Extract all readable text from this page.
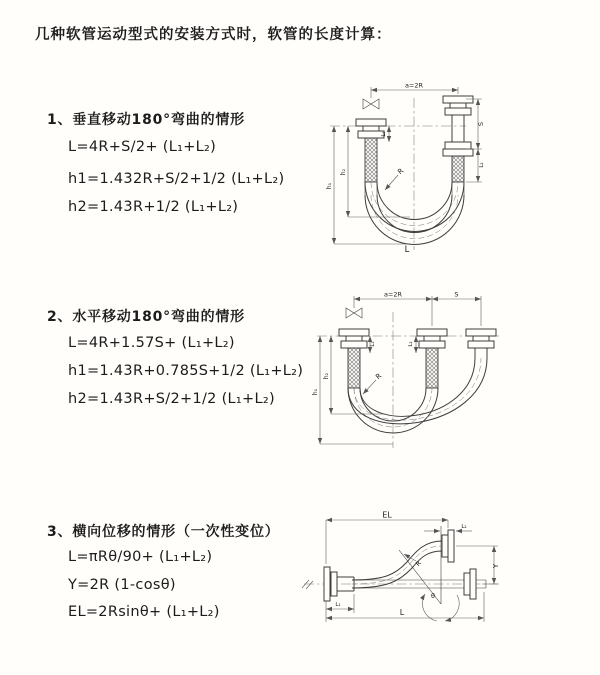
几种软管运动型式的安装方式时，软管的长度计算：
1、垂直移动180°弯曲的情形
L=4R+S/2+ (L₁+L₂)
h1=1.432R+S/2+1/2 (L₁+L₂)
h2=1.43R+1/2 (L₁+L₂)
2、水平移动180°弯曲的情形
L=4R+1.57S+ (L₁+L₂)
h1=1.43R+0.785S+1/2 (L₁+L₂)
h2=1.43R+S/2+1/2 (L₁+L₂)
3、横向位移的情形（一次性变位）
L=πRθ/90+ (L₁+L₂)
Y=2R (1-cosθ)
EL=2Rsinθ+ (L₁+L₂)
a=2R
L₁
h₂
h₁
S
L₂
R
L
a=2R	S
h₂
h₁
L₁	L₂
R
θ
R
EL
L₂
Y
L
L₁
